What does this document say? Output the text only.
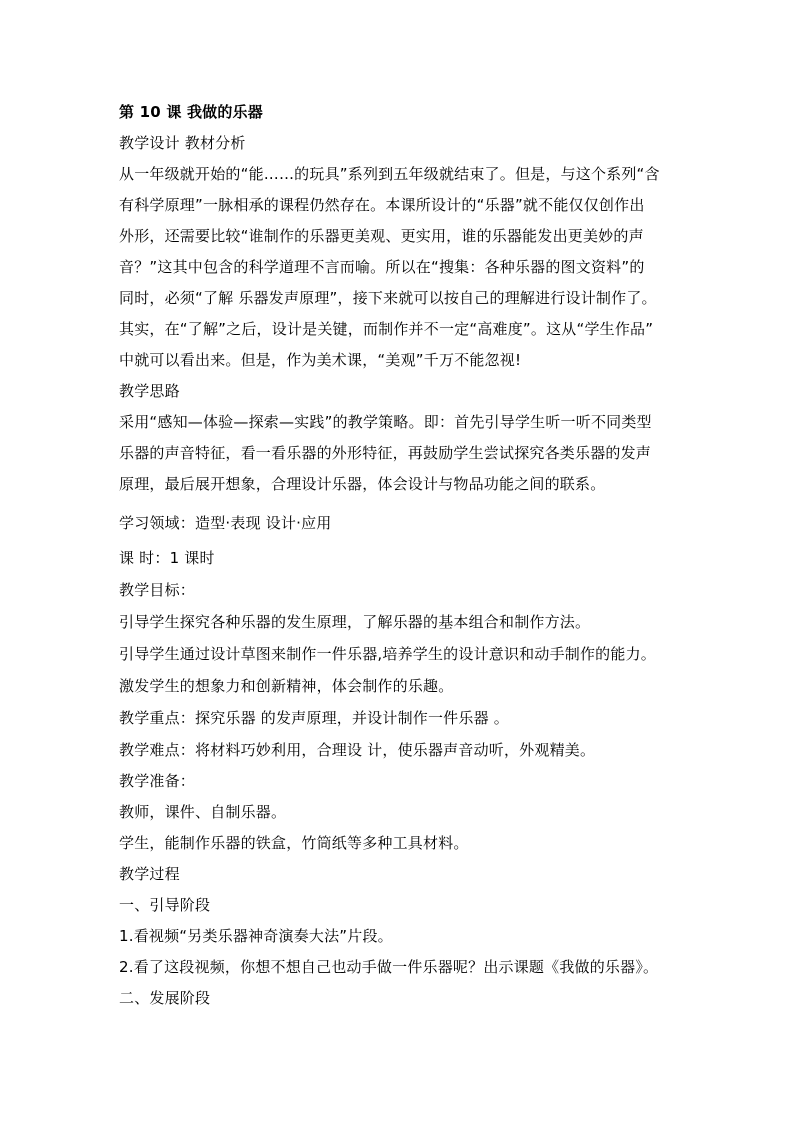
第 10 课 我做的乐器
教学设计 教材分析
从一年级就开始的“能……的玩具”系列到五年级就结束了。但是，与这个系列“含
有科学原理”一脉相承的课程仍然存在。本课所设计的“乐器”就不能仅仅创作出
外形，还需要比较“谁制作的乐器更美观、更实用，谁的乐器能发出更美妙的声
音？”这其中包含的科学道理不言而喻。所以在“搜集：各种乐器的图文资料”的
同时，必须“了解 乐器发声原理”，接下来就可以按自己的理解进行设计制作了。
其实，在“了解”之后，设计是关键，而制作并不一定“高难度”。这从“学生作品”
中就可以看出来。但是，作为美术课，“美观”千万不能忽视!
教学思路
采用“感知—体验—探索—实践”的教学策略。即：首先引导学生听一听不同类型
乐器的声音特征，看一看乐器的外形特征，再鼓励学生尝试探究各类乐器的发声
原理，最后展开想象，合理设计乐器，体会设计与物品功能之间的联系。
学习领域：造型·表现 设计·应用
课 时：1 课时
教学目标：
引导学生探究各种乐器的发生原理，了解乐器的基本组合和制作方法。
引导学生通过设计草图来制作一件乐器,培养学生的设计意识和动手制作的能力。
激发学生的想象力和创新精神，体会制作的乐趣。
教学重点：探究乐器 的发声原理，并设计制作一件乐器 。
教学难点：将材料巧妙利用，合理设 计，使乐器声音动听，外观精美。
教学准备：
教师，课件、自制乐器。
学生，能制作乐器的铁盒，竹筒纸等多种工具材料。
教学过程
一、引导阶段
1.看视频“另类乐器神奇演奏大法”片段。
2.看了这段视频，你想不想自己也动手做一件乐器呢？出示课题《我做的乐器》。
二、发展阶段
